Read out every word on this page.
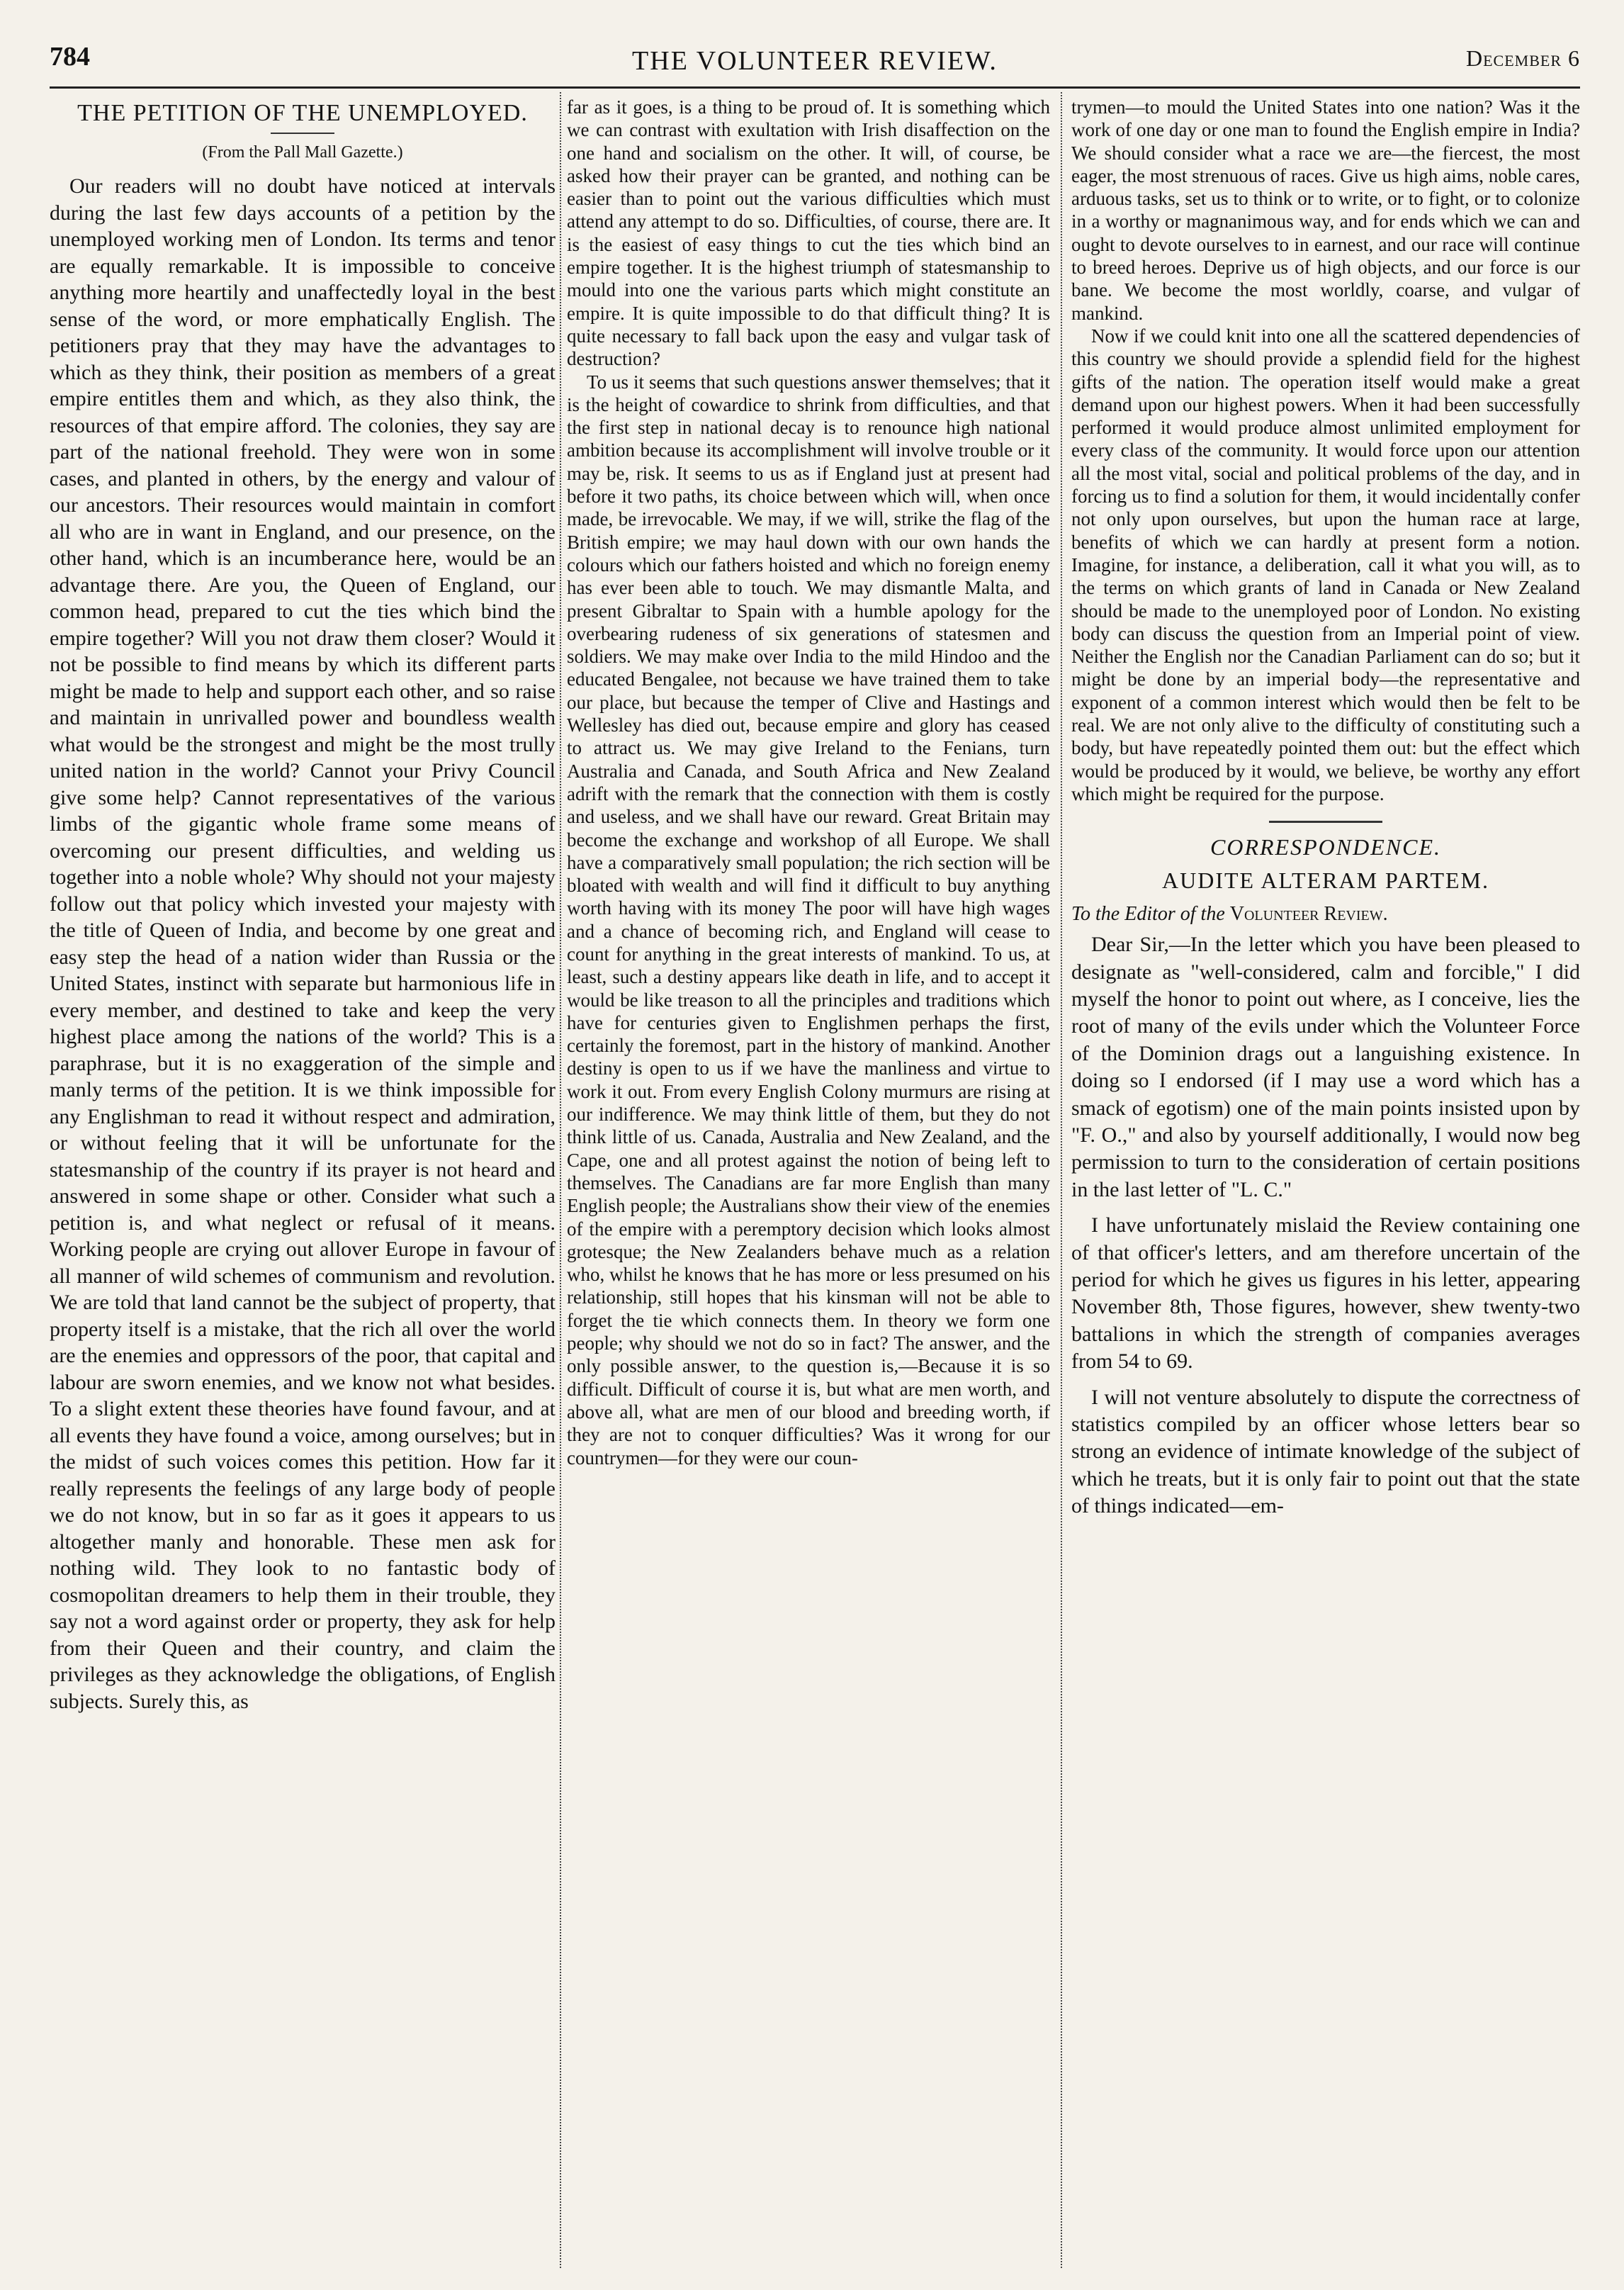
784	THE VOLUNTEER REVIEW.	December 6
THE PETITION OF THE UNEMPLOYED.
(From the Pall Mall Gazette.)

Our readers will no doubt have noticed at intervals during the last few days accounts of a petition by the unemployed working men of London. Its terms and tenor are equally remarkable. It is impossible to conceive anything more heartily and unaffectedly loyal in the best sense of the word, or more emphatically English. The petitioners pray that they may have the advantages to which as they think, their position as members of a great empire entitles them and which, as they also think, the resources of that empire afford. The colonies, they say are part of the national freehold. They were won in some cases, and planted in others, by the energy and valour of our ancestors. Their resources would maintain in comfort all who are in want in England, and our presence, on the other hand, which is an incumberance here, would be an advantage there. Are you, the Queen of England, our common head, prepared to cut the ties which bind the empire together? Will you not draw them closer? Would it not be possible to find means by which its different parts might be made to help and support each other, and so raise and maintain in unrivalled power and boundless wealth what would be the strongest and might be the most trully united nation in the world? Cannot your Privy Council give some help? Cannot representatives of the various limbs of the gigantic whole frame some means of overcoming our present difficulties, and welding us together into a noble whole? Why should not your majesty follow out that policy which invested your majesty with the title of Queen of India, and become by one great and easy step the head of a nation wider than Russia or the United States, instinct with separate but harmonious life in every member, and destined to take and keep the very highest place among the nations of the world? This is a paraphrase, but it is no exaggeration of the simple and manly terms of the petition. It is we think impossible for any Englishman to read it without respect and admiration, or without feeling that it will be unfortunate for the statesmanship of the country if its prayer is not heard and answered in some shape or other. Consider what such a petition is, and what neglect or refusal of it means. Working people are crying out allover Europe in favour of all manner of wild schemes of communism and revolution. We are told that land cannot be the subject of property, that property itself is a mistake, that the rich all over the world are the enemies and oppressors of the poor, that capital and labour are sworn enemies, and we know not what besides. To a slight extent these theories have found favour, and at all events they have found a voice, among ourselves; but in the midst of such voices comes this petition. How far it really represents the feelings of any large body of people we do not know, but in so far as it goes it appears to us altogether manly and honorable. These men ask for nothing wild. They look to no fantastic body of cosmopolitan dreamers to help them in their trouble, they say not a word against order or property, they ask for help from their Queen and their country, and claim the privileges as they acknowledge the obligations, of English subjects. Surely this, as

far as it goes, is a thing to be proud of. It is something which we can contrast with exultation with Irish disaffection on the one hand and socialism on the other. It will, of course, be asked how their prayer can be granted, and nothing can be easier than to point out the various difficulties which must attend any attempt to do so. Difficulties, of course, there are. It is the easiest of easy things to cut the ties which bind an empire together. It is the highest triumph of statesmanship to mould into one the various parts which might constitute an empire. It is quite impossible to do that difficult thing? It is quite necessary to fall back upon the easy and vulgar task of destruction?

To us it seems that such questions answer themselves; that it is the height of cowardice to shrink from difficulties, and that the first step in national decay is to renounce high national ambition because its accomplishment will involve trouble or it may be, risk. It seems to us as if England just at present had before it two paths, its choice between which will, when once made, be irrevocable. We may, if we will, strike the flag of the British empire; we may haul down with our own hands the colours which our fathers hoisted and which no foreign enemy has ever been able to touch. We may dismantle Malta, and present Gibraltar to Spain with a humble apology for the overbearing rudeness of six generations of statesmen and soldiers. We may make over India to the mild Hindoo and the educated Bengalee, not because we have trained them to take our place, but because the temper of Clive and Hastings and Wellesley has died out, because empire and glory has ceased to attract us. We may give Ireland to the Fenians, turn Australia and Canada, and South Africa and New Zealand adrift with the remark that the connection with them is costly and useless, and we shall have our reward. Great Britain may become the exchange and workshop of all Europe. We shall have a comparatively small population; the rich section will be bloated with wealth and will find it difficult to buy anything worth having with its money The poor will have high wages and a chance of becoming rich, and England will cease to count for anything in the great interests of mankind. To us, at least, such a destiny appears like death in life, and to accept it would be like treason to all the principles and traditions which have for centuries given to Englishmen perhaps the first, certainly the foremost, part in the history of mankind. Another destiny is open to us if we have the manliness and virtue to work it out. From every English Colony murmurs are rising at our indifference. We may think little of them, but they do not think little of us. Canada, Australia and New Zealand, and the Cape, one and all protest against the notion of being left to themselves. The Canadians are far more English than many English people; the Australians show their view of the enemies of the empire with a peremptory decision which looks almost grotesque; the New Zealanders behave much as a relation who, whilst he knows that he has more or less presumed on his relationship, still hopes that his kinsman will not be able to forget the tie which connects them. In theory we form one people; why should we not do so in fact? The answer, and the only possible answer, to the question is,—Because it is so difficult. Difficult of course it is, but what are men worth, and above all, what are men of our blood and breeding worth, if they are not to conquer difficulties? Was it wrong for our countrymen—for they were our coun-

trymen—to mould the United States into one nation? Was it the work of one day or one man to found the English empire in India? We should consider what a race we are—the fiercest, the most eager, the most strenuous of races. Give us high aims, noble cares, arduous tasks, set us to think or to write, or to fight, or to colonize in a worthy or magnanimous way, and for ends which we can and ought to devote ourselves to in earnest, and our race will continue to breed heroes. Deprive us of high objects, and our force is our bane. We become the most worldly, coarse, and vulgar of mankind.

Now if we could knit into one all the scattered dependencies of this country we should provide a splendid field for the highest gifts of the nation. The operation itself would make a great demand upon our highest powers. When it had been successfully performed it would produce almost unlimited employment for every class of the community. It would force upon our attention all the most vital, social and political problems of the day, and in forcing us to find a solution for them, it would incidentally confer not only upon ourselves, but upon the human race at large, benefits of which we can hardly at present form a notion. Imagine, for instance, a deliberation, call it what you will, as to the terms on which grants of land in Canada or New Zealand should be made to the unemployed poor of London. No existing body can discuss the question from an Imperial point of view. Neither the English nor the Canadian Parliament can do so; but it might be done by an imperial body—the representative and exponent of a common interest which would then be felt to be real. We are not only alive to the difficulty of constituting such a body, but have repeatedly pointed them out: but the effect which would be produced by it would, we believe, be worthy any effort which might be required for the purpose.

CORRESPONDENCE.
AUDITE ALTERAM PARTEM.
To the Editor of the Volunteer Review.

Dear Sir,—In the letter which you have been pleased to designate as "well-considered, calm and forcible," I did myself the honor to point out where, as I conceive, lies the root of many of the evils under which the Volunteer Force of the Dominion drags out a languishing existence. In doing so I endorsed (if I may use a word which has a smack of egotism) one of the main points insisted upon by "F. O.," and also by yourself additionally, I would now beg permission to turn to the consideration of certain positions in the last letter of "L. C."

I have unfortunately mislaid the Review containing one of that officer's letters, and am therefore uncertain of the period for which he gives us figures in his letter, appearing November 8th, Those figures, however, shew twenty-two battalions in which the strength of companies averages from 54 to 69.

I will not venture absolutely to dispute the correctness of statistics compiled by an officer whose letters bear so strong an evidence of intimate knowledge of the subject of which he treats, but it is only fair to point out that the state of things indicated—em-
